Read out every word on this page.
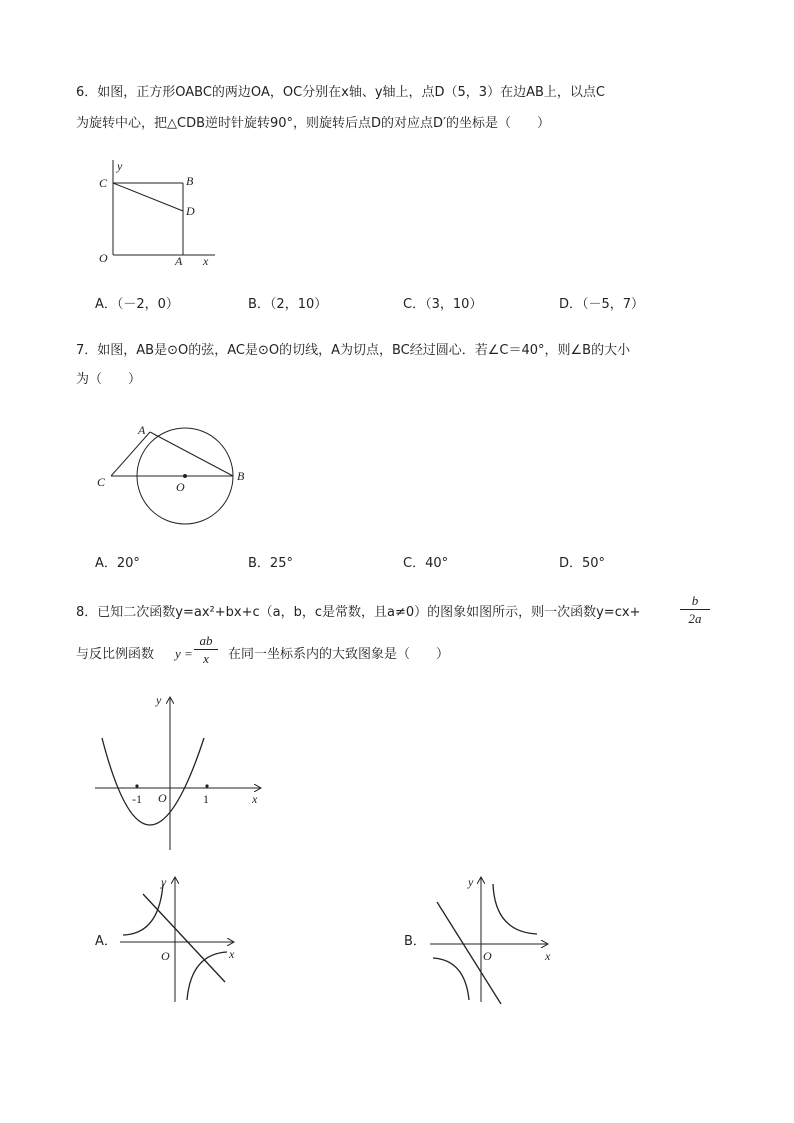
6．如图，正方形OABC的两边OA，OC分别在x轴、y轴上，点D（5，3）在边AB上，以点C
为旋转中心，把△CDB逆时针旋转90°，则旋转后点D的对应点D′的坐标是（　　）
y
C	B
D
O	A x
A．（－2，0）	B．（2，10）	C．（3，10）	D．（－5，7）
7．如图，AB是⊙O的弦，AC是⊙O的切线，A为切点，BC经过圆心．若∠C＝40°，则∠B的大小
为（　　）
A
B
C	O
A．20°	B．25°	C．40°	D．50°
8．已知二次函数y=ax²+bx+c（a，b，c是常数，且a≠0）的图象如图所示，则一次函数y=cx+
b
2a
与反比例函数 y =
ab
x	在同一坐标系内的大致图象是（　　）
y
x
O
-1	1
A．
y
x
O
B．
y
x
O
